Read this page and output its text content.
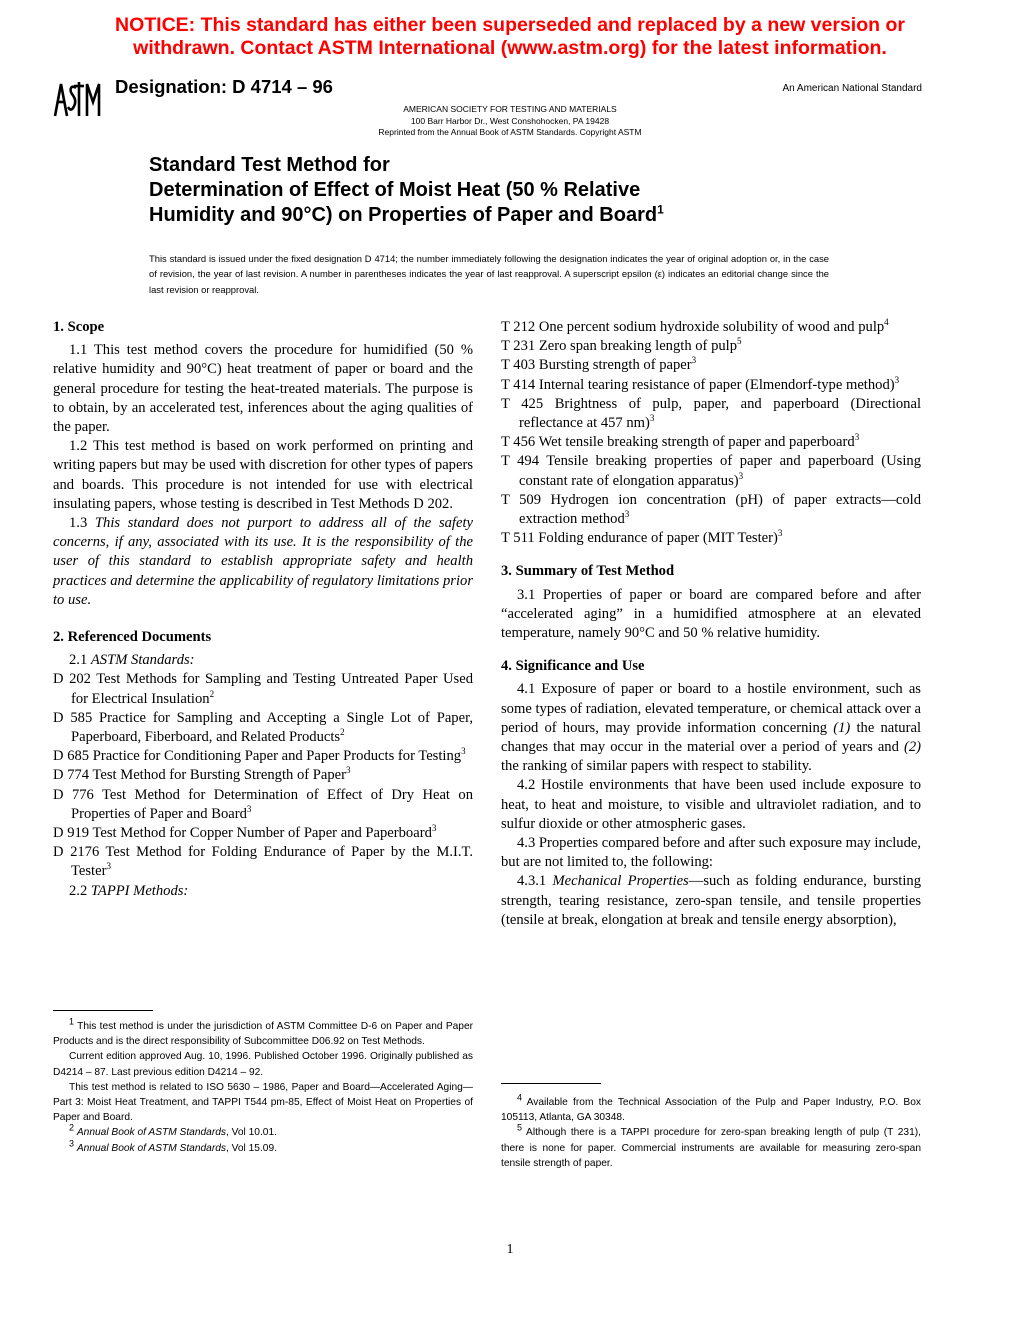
NOTICE: This standard has either been superseded and replaced by a new version or
withdrawn. Contact ASTM International (www.astm.org) for the latest information.
Designation: D 4714 – 96	An American National Standard
AMERICAN SOCIETY FOR TESTING AND MATERIALS
100 Barr Harbor Dr., West Conshohocken, PA 19428
Reprinted from the Annual Book of ASTM Standards. Copyright ASTM
Standard Test Method for
Determination of Effect of Moist Heat (50 % Relative
Humidity and 90°C) on Properties of Paper and Board$^1$
This standard is issued under the fixed designation D 4714; the number immediately following the designation indicates the year of original adoption or, in the case of revision, the year of last revision. A number in parentheses indicates the year of last reapproval. A superscript epsilon (ε) indicates an editorial change since the last revision or reapproval.
1. Scope

1.1 This test method covers the procedure for humidified (50 % relative humidity and 90°C) heat treatment of paper or board and the general procedure for testing the heat-treated materials. The purpose is to obtain, by an accelerated test, inferences about the aging qualities of the paper.

1.2 This test method is based on work performed on printing and writing papers but may be used with discretion for other types of papers and boards. This procedure is not intended for use with electrical insulating papers, whose testing is described in Test Methods D 202.

1.3 This standard does not purport to address all of the safety concerns, if any, associated with its use. It is the responsibility of the user of this standard to establish appropriate safety and health practices and determine the applicability of regulatory limitations prior to use.

2. Referenced Documents

2.1 ASTM Standards:

D 202 Test Methods for Sampling and Testing Untreated Paper Used for Electrical Insulation$^2$

D 585 Practice for Sampling and Accepting a Single Lot of Paper, Paperboard, Fiberboard, and Related Products$^2$

D 685 Practice for Conditioning Paper and Paper Products for Testing$^3$

D 774 Test Method for Bursting Strength of Paper$^3$

D 776 Test Method for Determination of Effect of Dry Heat on Properties of Paper and Board$^3$

D 919 Test Method for Copper Number of Paper and Paperboard$^3$

D 2176 Test Method for Folding Endurance of Paper by the M.I.T. Tester$^3$

2.2 TAPPI Methods:

$^1$ This test method is under the jurisdiction of ASTM Committee D-6 on Paper and Paper Products and is the direct responsibility of Subcommittee D06.92 on Test Methods.

Current edition approved Aug. 10, 1996. Published October 1996. Originally published as D4214 – 87. Last previous edition D4214 – 92.

This test method is related to ISO 5630 – 1986, Paper and Board—Accelerated Aging—Part 3: Moist Heat Treatment, and TAPPI T544 pm-85, Effect of Moist Heat on Properties of Paper and Board.

$^2$ Annual Book of ASTM Standards, Vol 10.01.

$^3$ Annual Book of ASTM Standards, Vol 15.09.

T 212 One percent sodium hydroxide solubility of wood and pulp$^4$

T 231 Zero span breaking length of pulp$^5$

T 403 Bursting strength of paper$^3$

T 414 Internal tearing resistance of paper (Elmendorf-type method)$^3$

T 425 Brightness of pulp, paper, and paperboard (Directional reflectance at 457 nm)$^3$

T 456 Wet tensile breaking strength of paper and paperboard$^3$

T 494 Tensile breaking properties of paper and paperboard (Using constant rate of elongation apparatus)$^3$

T 509 Hydrogen ion concentration (pH) of paper extracts—cold extraction method$^3$

T 511 Folding endurance of paper (MIT Tester)$^3$

3. Summary of Test Method

3.1 Properties of paper or board are compared before and after “accelerated aging” in a humidified atmosphere at an elevated temperature, namely 90°C and 50 % relative humidity.

4. Significance and Use

4.1 Exposure of paper or board to a hostile environment, such as some types of radiation, elevated temperature, or chemical attack over a period of hours, may provide information concerning (1) the natural changes that may occur in the material over a period of years and (2) the ranking of similar papers with respect to stability.

4.2 Hostile environments that have been used include exposure to heat, to heat and moisture, to visible and ultraviolet radiation, and to sulfur dioxide or other atmospheric gases.

4.3 Properties compared before and after such exposure may include, but are not limited to, the following:

4.3.1 Mechanical Properties—such as folding endurance, bursting strength, tearing resistance, zero-span tensile, and tensile properties (tensile at break, elongation at break and tensile energy absorption),

$^4$ Available from the Technical Association of the Pulp and Paper Industry, P.O. Box 105113, Atlanta, GA 30348.

$^5$ Although there is a TAPPI procedure for zero-span breaking length of pulp (T 231), there is none for paper. Commercial instruments are available for measuring zero-span tensile strength of paper.

1
